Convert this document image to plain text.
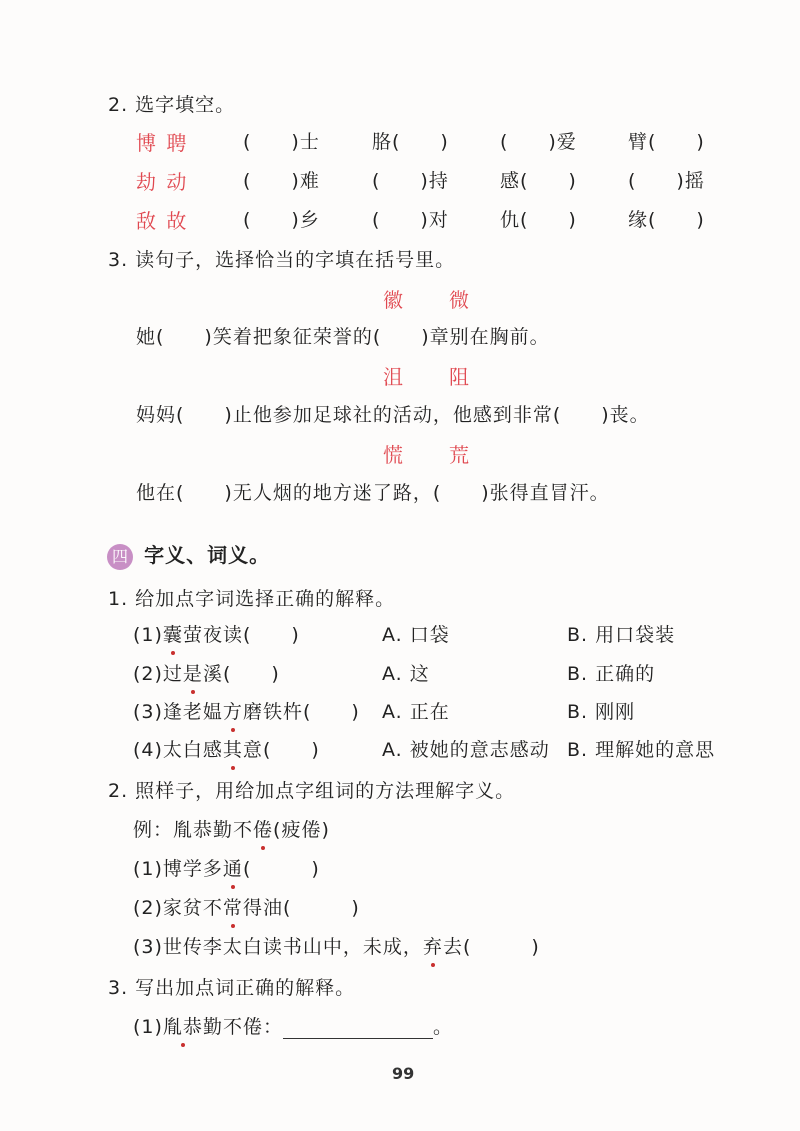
2. 选字填空。
博 聘	(　　)士	胳(　　)	(　　)爱	臂(　　)
劫 动	(　　)难	(　　)持	感(　　)	(　　)摇
敌 故	(　　)乡	(　　)对	仇(　　)	缘(　　)
3. 读句子，选择恰当的字填在括号里。
徽　　微
她(　　)笑着把象征荣誉的(　　)章别在胸前。
沮　　阻
妈妈(　　)止他参加足球社的活动，他感到非常(　　)丧。
慌　　荒
他在(　　)无人烟的地方迷了路，(　　)张得直冒汗。
四 字义、词义。
1. 给加点字词选择正确的解释。
(1)囊萤夜读(　　)	A. 口袋	B. 用口袋装
(2)过是溪(　　)	A. 这	B. 正确的
(3)逢老媪方磨铁杵(　　) A. 正在	B. 刚刚
(4)太白感其意(　　)	A. 被她的意志感动 B. 理解她的意思
2. 照样子，用给加点字组词的方法理解字义。
例：胤恭勤不倦(疲倦)
(1)博学多通(　　　)
(2)家贫不常得油(　　　)
(3)世传李太白读书山中，未成，弃去(　　　)
3. 写出加点词正确的解释。
(1)胤恭勤不倦：	。
99
